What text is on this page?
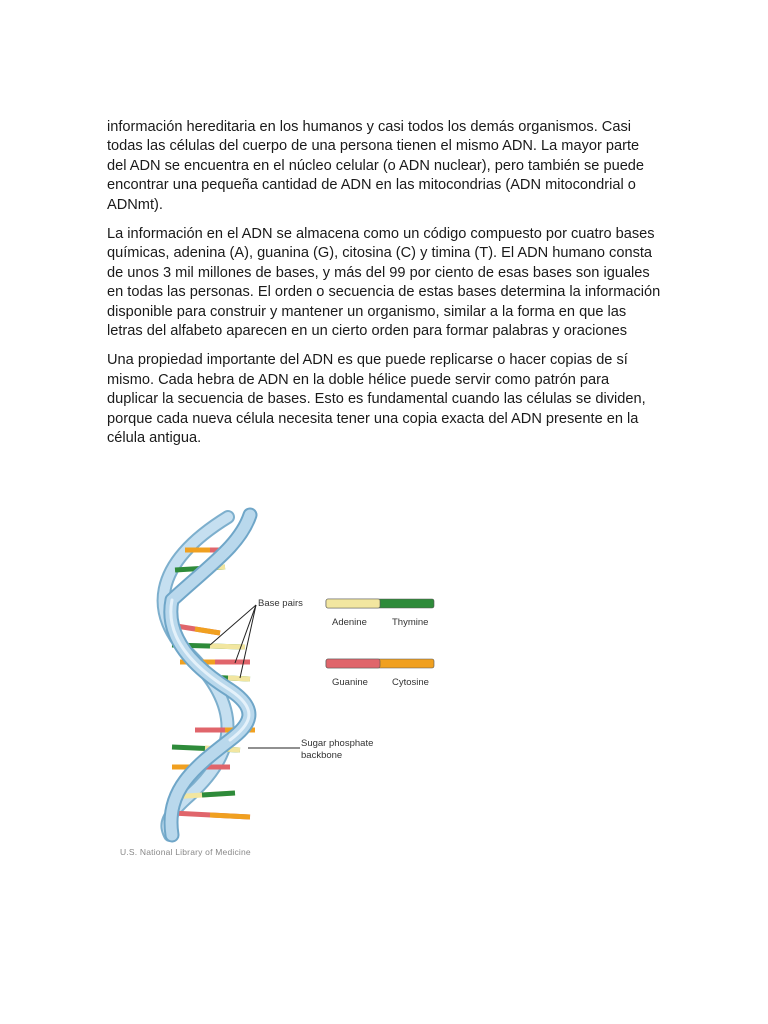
información hereditaria en los humanos y casi todos los demás organismos. Casi todas las células del cuerpo de una persona tienen el mismo ADN. La mayor parte del ADN se encuentra en el núcleo celular (o ADN nuclear), pero también se puede encontrar una pequeña cantidad de ADN en las mitocondrias (ADN mitocondrial o ADNmt).

La información en el ADN se almacena como un código compuesto por cuatro bases químicas, adenina (A), guanina (G), citosina (C) y timina (T). El ADN humano consta de unos 3 mil millones de bases, y más del 99 por ciento de esas bases son iguales en todas las personas. El orden o secuencia de estas bases determina la información disponible para construir y mantener un organismo, similar a la forma en que las letras del alfabeto aparecen en un cierto orden para formar palabras y oraciones

Una propiedad importante del ADN es que puede replicarse o hacer copias de sí mismo. Cada hebra de ADN en la doble hélice puede servir como patrón para duplicar la secuencia de bases. Esto es fundamental cuando las células se dividen, porque cada nueva célula necesita tener una copia exacta del ADN presente en la célula antigua.

Base pairs
Adenine	Thymine
Guanine	Cytosine
Sugar phosphate
backbone
U.S. National Library of Medicine
